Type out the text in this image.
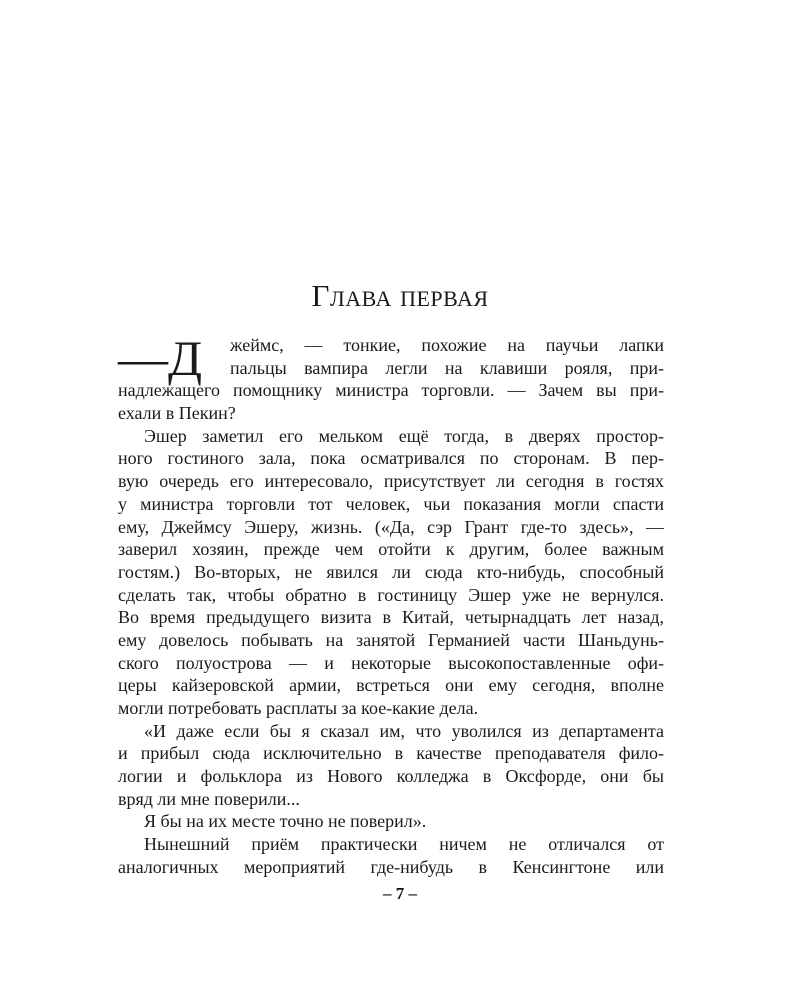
Глава первая
—Д	жеймс, — тонкие, похожие на паучьи лапки
пальцы вампира легли на клавиши рояля, при-
надлежащего помощнику министра торговли. — Зачем вы при-
ехали в Пекин?
Эшер заметил его мельком ещё тогда, в дверях простор-
ного гостиного зала, пока осматривался по сторонам. В пер-
вую очередь его интересовало, присутствует ли сегодня в гостях
у министра торговли тот человек, чьи показания могли спасти
ему, Джеймсу Эшеру, жизнь. («Да, сэр Грант где-то здесь», —
заверил хозяин, прежде чем отойти к другим, более важным
гостям.) Во-вторых, не явился ли сюда кто-нибудь, способный
сделать так, чтобы обратно в гостиницу Эшер уже не вернулся.
Во время предыдущего визита в Китай, четырнадцать лет назад,
ему довелось побывать на занятой Германией части Шаньдунь-
ского полуострова — и некоторые высокопоставленные офи-
церы кайзеровской армии, встреться они ему сегодня, вполне
могли потребовать расплаты за кое-какие дела.
«И даже если бы я сказал им, что уволился из департамента
и прибыл сюда исключительно в качестве преподавателя фило-
логии и фольклора из Нового колледжа в Оксфорде, они бы
вряд ли мне поверили...
Я бы на их месте точно не поверил».
Нынешний приём практически ничем не отличался от
аналогичных мероприятий где-нибудь в Кенсингтоне или
– 7 –
